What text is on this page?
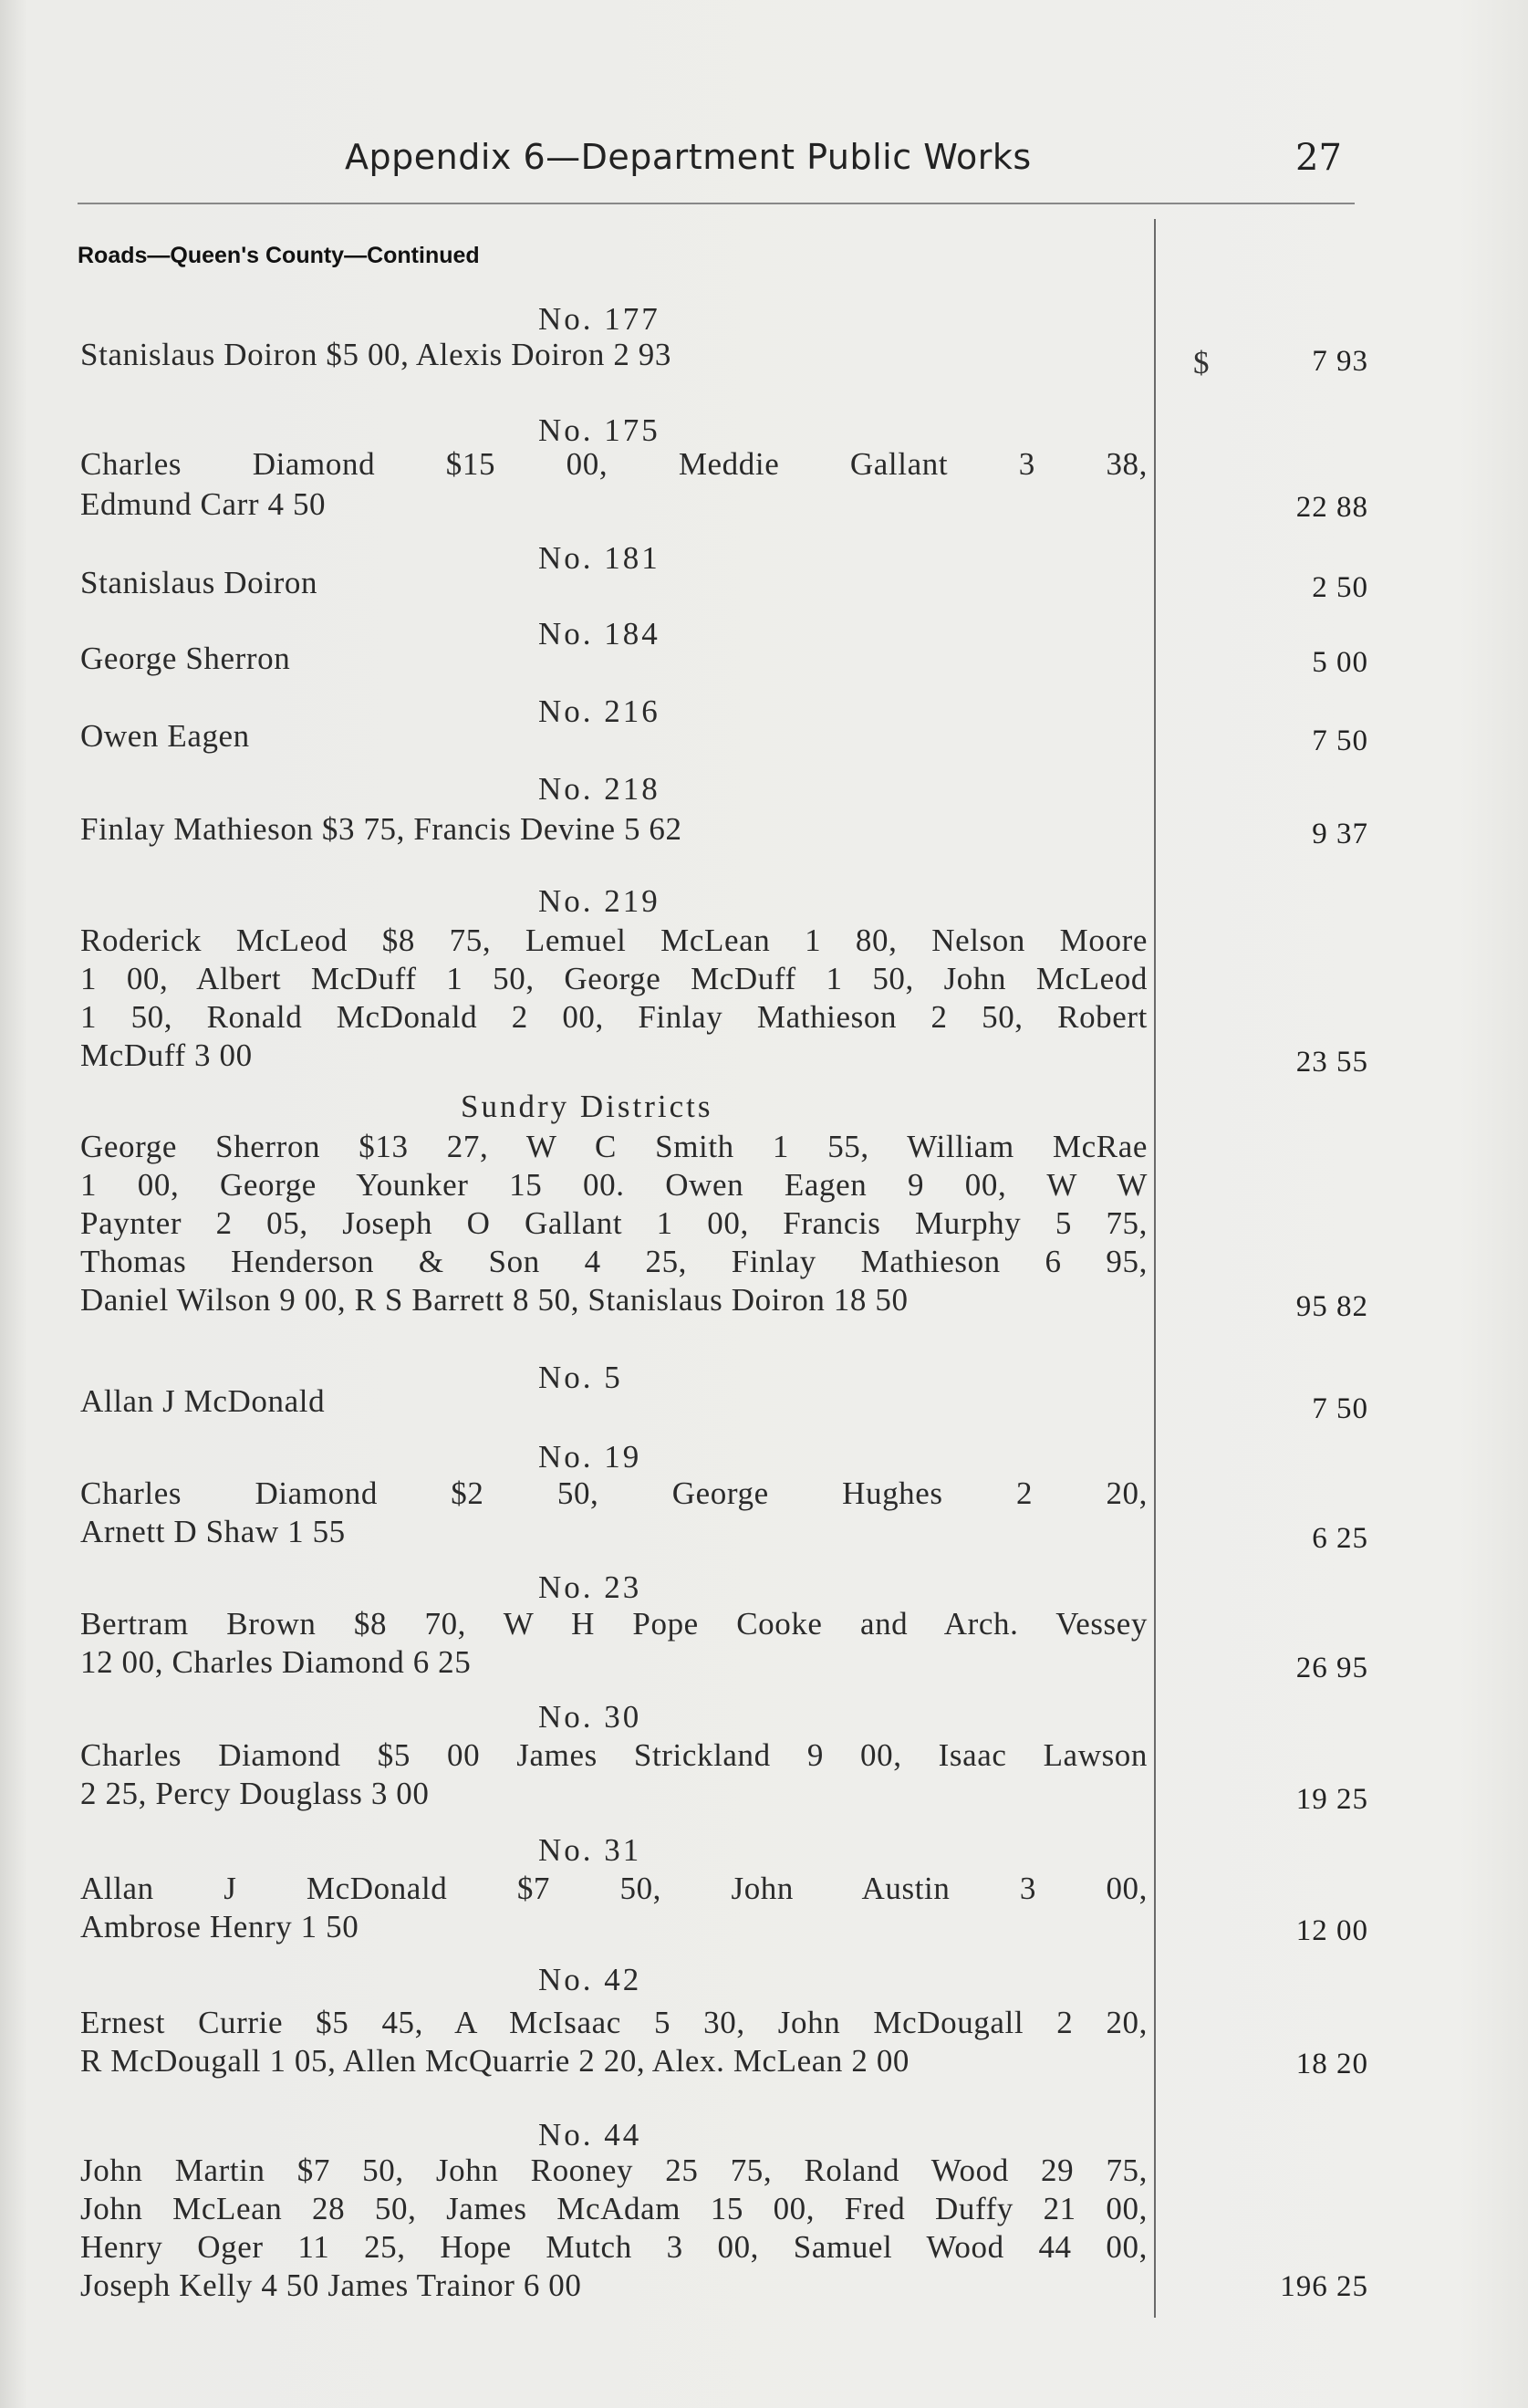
Appendix 6—Department Public Works	27
Roads—Queen's County—Continued
No. 177
Stanislaus Doiron $5 00, Alexis Doiron 2 93	$	7 93
No. 175
Charles Diamond $15 00, Meddie Gallant 3 38,
Edmund Carr 4 50	22 88
No. 181
Stanislaus Doiron	2 50
No. 184
George Sherron	5 00
No. 216
Owen Eagen	7 50
No. 218
Finlay Mathieson $3 75, Francis Devine 5 62	9 37
No. 219
Roderick McLeod $8 75, Lemuel McLean 1 80, Nelson Moore
1 00, Albert McDuff 1 50, George McDuff 1 50, John McLeod
1 50, Ronald McDonald 2 00, Finlay Mathieson 2 50, Robert
McDuff 3 00	23 55
Sundry Districts
George Sherron $13 27, W C Smith 1 55, William McRae
1 00, George Younker 15 00. Owen Eagen 9 00, W W
Paynter 2 05, Joseph O Gallant 1 00, Francis Murphy 5 75,
Thomas Henderson & Son 4 25, Finlay Mathieson 6 95,
Daniel Wilson 9 00, R S Barrett 8 50, Stanislaus Doiron 18 50	95 82
No. 5
Allan J McDonald	7 50
No. 19
Charles Diamond $2 50, George Hughes 2 20,
Arnett D Shaw 1 55	6 25
No. 23
Bertram Brown $8 70, W H Pope Cooke and Arch. Vessey
12 00, Charles Diamond 6 25	26 95
No. 30
Charles Diamond $5 00 James Strickland 9 00, Isaac Lawson
2 25, Percy Douglass 3 00	19 25
No. 31
Allan J McDonald $7 50, John Austin 3 00,
Ambrose Henry 1 50	12 00
No. 42
Ernest Currie $5 45, A McIsaac 5 30, John McDougall 2 20,
R McDougall 1 05, Allen McQuarrie 2 20, Alex. McLean 2 00	18 20
No. 44
John Martin $7 50, John Rooney 25 75, Roland Wood 29 75,
John McLean 28 50, James McAdam 15 00, Fred Duffy 21 00,
Henry Oger 11 25, Hope Mutch 3 00, Samuel Wood 44 00,
Joseph Kelly 4 50 James Trainor 6 00	196 25
